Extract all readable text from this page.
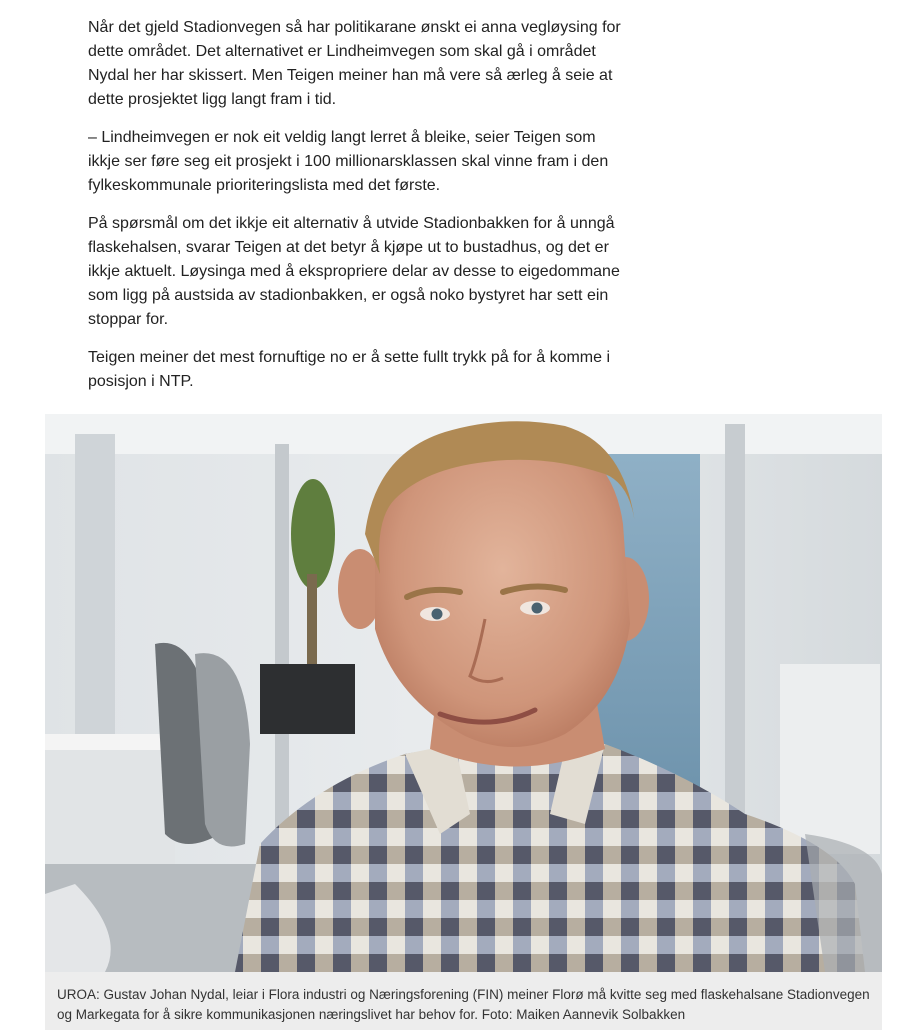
Når det gjeld Stadionvegen så har politikarane ønskt ei anna vegløysing for dette området. Det alternativet er Lindheimvegen som skal gå i området Nydal her har skissert. Men Teigen meiner han må vere så ærleg å seie at dette prosjektet ligg langt fram i tid.

– Lindheimvegen er nok eit veldig langt lerret å bleike, seier Teigen som ikkje ser føre seg eit prosjekt i 100 millionarsklassen skal vinne fram i den fylkeskommunale prioriteringslista med det første.

På spørsmål om det ikkje eit alternativ å utvide Stadionbakken for å unngå flaskehalsen, svarar Teigen at det betyr å kjøpe ut to bustadhus, og det er ikkje aktuelt. Løysinga med å ekspropriere delar av desse to eigedommane som ligg på austsida av stadionbakken, er også noko bystyret har sett ein stoppar for.

Teigen meiner det mest fornuftige no er å sette fullt trykk på for å komme i posisjon i NTP.

UROA: Gustav Johan Nydal, leiar i Flora industri og Næringsforening (FIN) meiner Florø må kvitte seg med flaskehalsane Stadionvegen og Markegata for å sikre kommunikasjonen næringslivet har behov for. Foto: Maiken Aannevik Solbakken
